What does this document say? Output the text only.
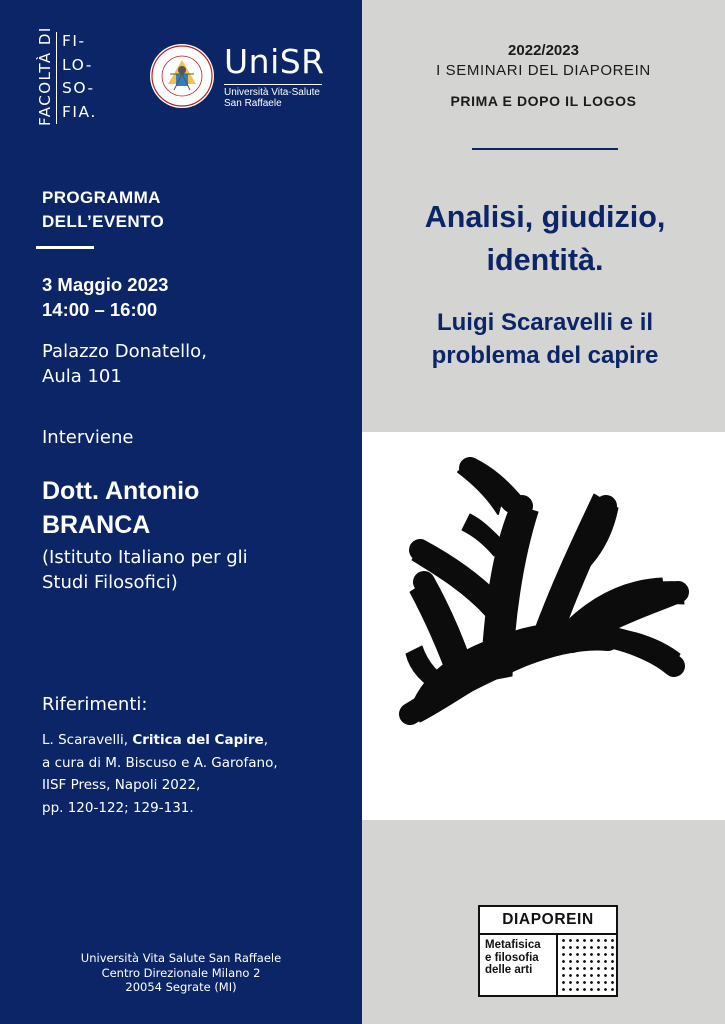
FACOLTÀ DI FI-
LO-
SO-
FIA.
UniSR
Università Vita-Salute
San Raffaele
PROGRAMMA
DELL’EVENTO
3 Maggio 2023
14:00 – 16:00
Palazzo Donatello,
Aula 101
Interviene
Dott. Antonio
BRANCA
(Istituto Italiano per gli
Studi Filosofici)
Riferimenti:
L. Scaravelli, Critica del Capire,
a cura di M. Biscuso e A. Garofano,
IISF Press, Napoli 2022,
pp. 120-122; 129-131.
Università Vita Salute San Raffaele
Centro Direzionale Milano 2
20054 Segrate (MI)
2022/2023
I SEMINARI DEL DIAPOREIN
PRIMA E DOPO IL LOGOS
Analisi, giudizio,
identità.
Luigi Scaravelli e il
problema del capire
DIAPOREIN
Metafisica
e filosofia
delle arti
